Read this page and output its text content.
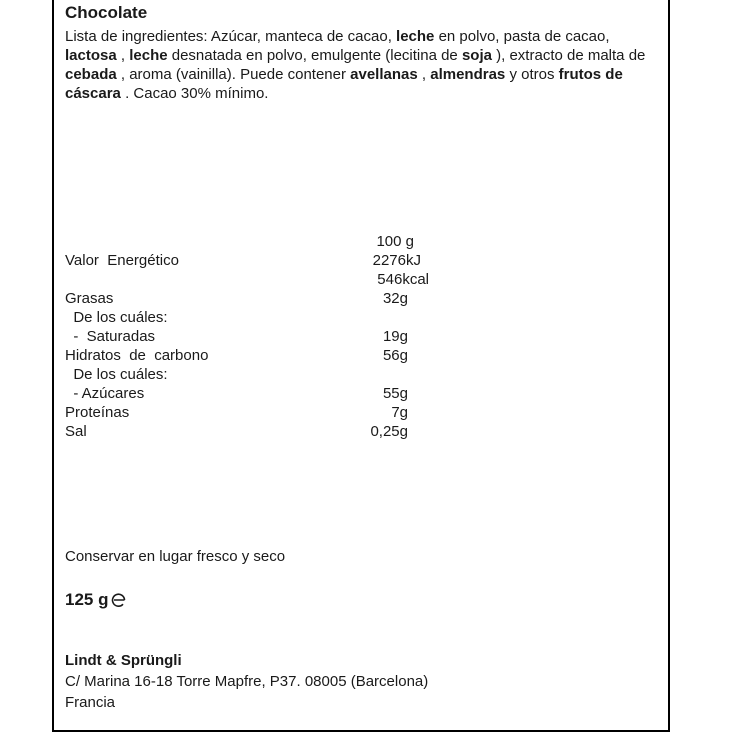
Chocolate
Lista de ingredientes: Azúcar, manteca de cacao, leche en polvo, pasta de cacao, lactosa , leche desnatada en polvo, emulgente (lecitina de soja ), extracto de malta de cebada , aroma (vainilla). Puede contener avellanas , almendras y otros frutos de cáscara . Cacao 30% mínimo.
100 g
Valor  Energético	2276kJ
546kcal
Grasas	32g
De los cuáles:
-  Saturadas	19g
Hidratos  de  carbono	56g
De los cuáles:
- Azúcares	55g
Proteínas	7g
Sal	0,25g
Conservar en lugar fresco y seco
125 g
Lindt & Sprüngli
C/ Marina 16-18 Torre Mapfre, P37. 08005 (Barcelona)
Francia
